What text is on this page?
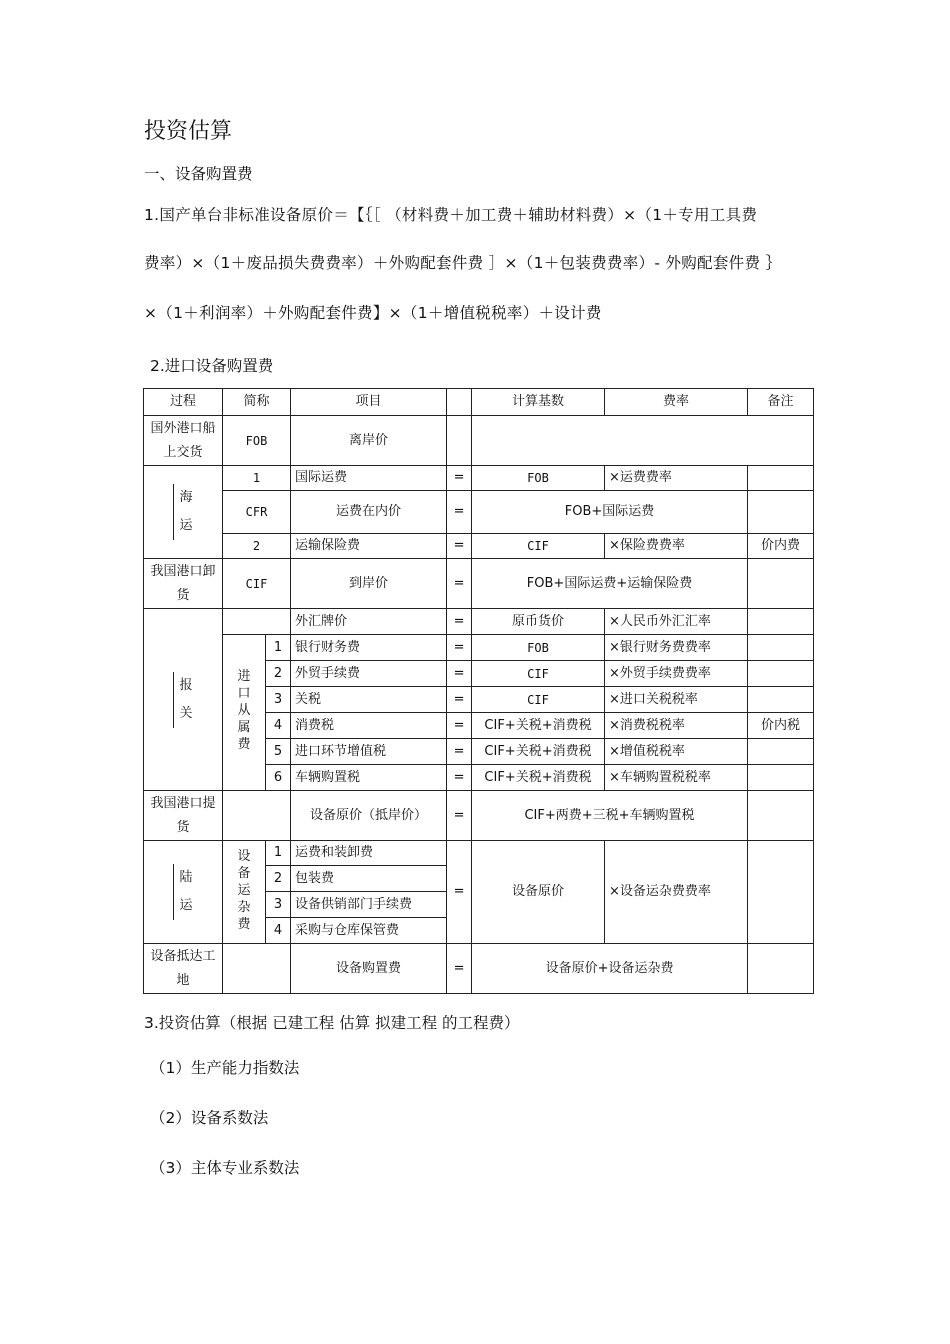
投资估算
一、设备购置费
1.国产单台非标准设备原价＝【｛［ （材料费＋加工费＋辅助材料费）×（1＋专用工具费
费率）×（1＋废品损失费费率）＋外购配套件费 ］×（1＋包装费费率）- 外购配套件费 ｝
×（1＋利润率）＋外购配套件费】×（1＋增值税税率）＋设计费
2.进口设备购置费
过程	简称		项目		计算基数	费率	备注
国外港口船上交货	FOB		离岸价				
海运	1		国际运费	=	FOB	×运费费率	
	CFR		运费在内价	=	FOB+国际运费		
	2		运输保险费	=	CIF	×保险费费率	价内费
我国港口卸货	CIF		到岸价	=	FOB+国际运费+运输保险费		
报关			外汇牌价	=	原币货价	×人民币外汇汇率	
	进口从属费	1	银行财务费	=	FOB	×银行财务费费率	
		2	外贸手续费	=	CIF	×外贸手续费费率	
		3	关税	=	CIF	×进口关税税率	
		4	消费税	=	CIF+关税+消费税	×消费税税率	价内税
		5	进口环节增值税	=	CIF+关税+消费税	×增值税税率	
		6	车辆购置税	=	CIF+关税+消费税	×车辆购置税税率	
我国港口提货			设备原价（抵岸价）	=	CIF+两费+三税+车辆购置税		
陆运	设备运杂费	1	运费和装卸费	=	设备原价	×设备运杂费费率	
		2	包装费				
		3	设备供销部门手续费				
		4	采购与仓库保管费				
设备抵达工地			设备购置费	=	设备原价+设备运杂费		
3.投资估算（根据 已建工程 估算 拟建工程 的工程费）
（1）生产能力指数法
（2）设备系数法
（3）主体专业系数法
